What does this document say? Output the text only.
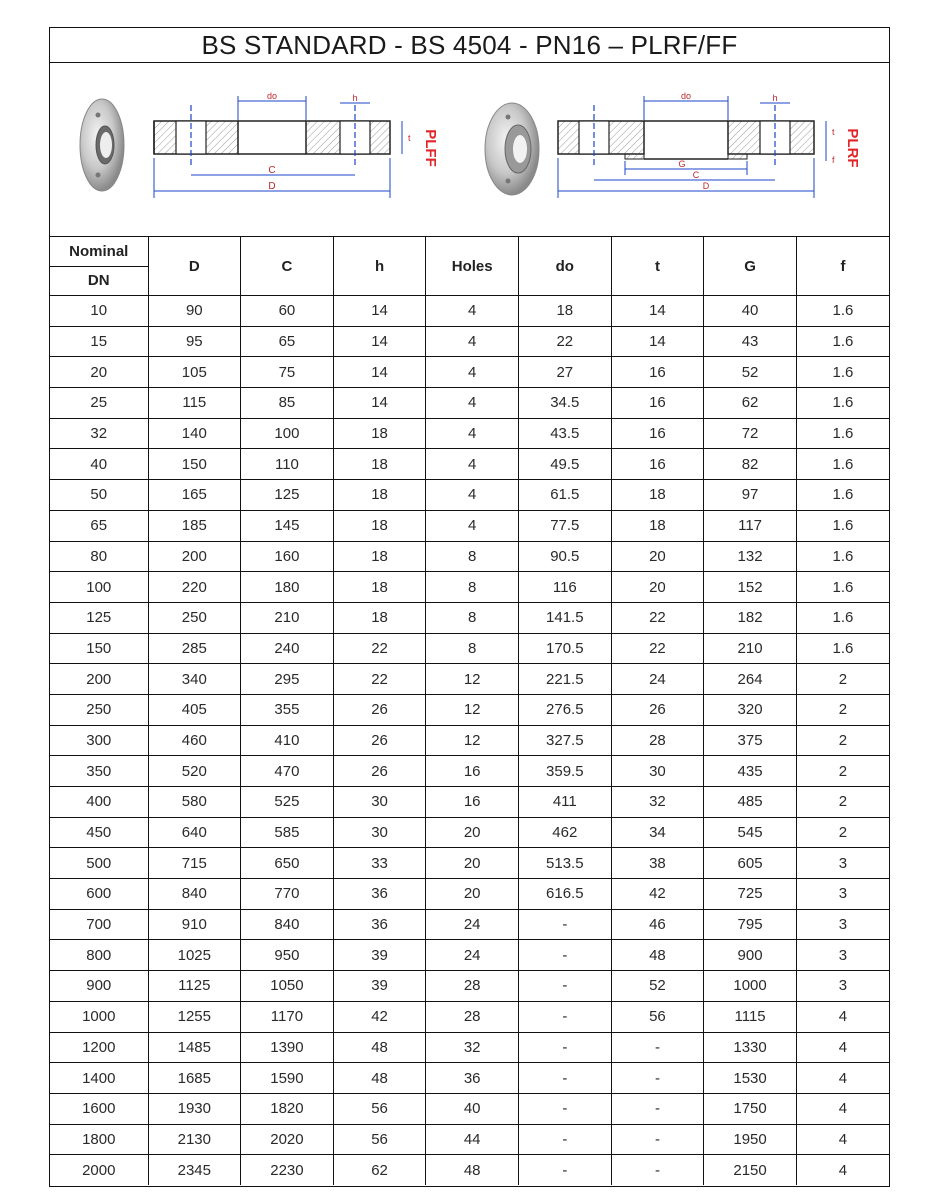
BS STANDARD - BS 4504 - PN16 – PLRF/FF
do	h
t
C
D
PLFF
do	h
t
f
G
C
D
PLRF
Nominal
DN	D	C	h	Holes	do	t	G	f
10	90	60	14	4	18	14	40	1.6
15	95	65	14	4	22	14	43	1.6
20	105	75	14	4	27	16	52	1.6
25	115	85	14	4	34.5	16	62	1.6
32	140	100	18	4	43.5	16	72	1.6
40	150	110	18	4	49.5	16	82	1.6
50	165	125	18	4	61.5	18	97	1.6
65	185	145	18	4	77.5	18	117	1.6
80	200	160	18	8	90.5	20	132	1.6
100	220	180	18	8	116	20	152	1.6
125	250	210	18	8	141.5	22	182	1.6
150	285	240	22	8	170.5	22	210	1.6
200	340	295	22	12	221.5	24	264	2
250	405	355	26	12	276.5	26	320	2
300	460	410	26	12	327.5	28	375	2
350	520	470	26	16	359.5	30	435	2
400	580	525	30	16	411	32	485	2
450	640	585	30	20	462	34	545	2
500	715	650	33	20	513.5	38	605	3
600	840	770	36	20	616.5	42	725	3
700	910	840	36	24	-	46	795	3
800	1025	950	39	24	-	48	900	3
900	1125	1050	39	28	-	52	1000	3
1000	1255	1170	42	28	-	56	1115	4
1200	1485	1390	48	32	-	-	1330	4
1400	1685	1590	48	36	-	-	1530	4
1600	1930	1820	56	40	-	-	1750	4
1800	2130	2020	56	44	-	-	1950	4
2000	2345	2230	62	48	-	-	2150	4
